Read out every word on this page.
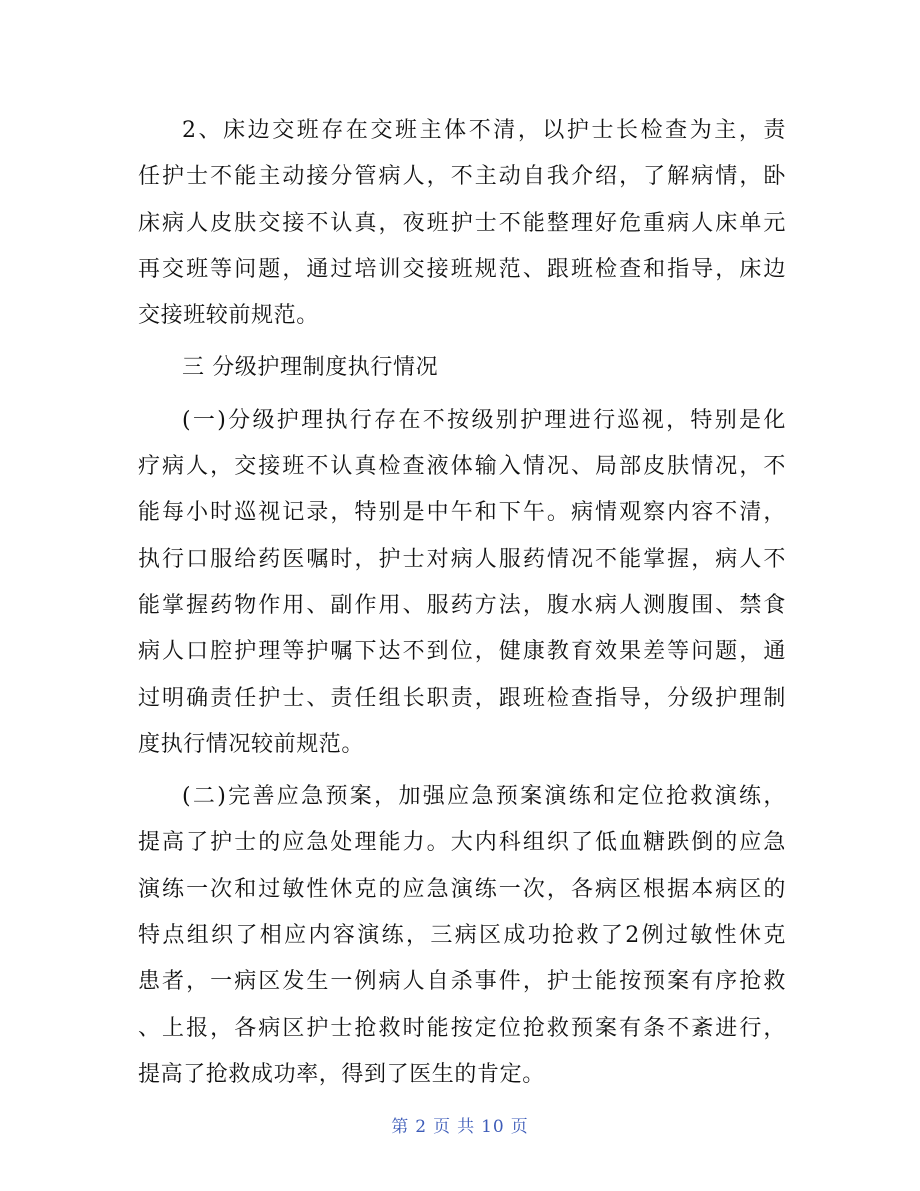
2、床边交班存在交班主体不清，以护士长检查为主，责
任护士不能主动接分管病人，不主动自我介绍，了解病情，卧
床病人皮肤交接不认真，夜班护士不能整理好危重病人床单元
再交班等问题，通过培训交接班规范、跟班检查和指导，床边
交接班较前规范。

三 分级护理制度执行情况

(一)分级护理执行存在不按级别护理进行巡视，特别是化
疗病人，交接班不认真检查液体输入情况、局部皮肤情况，不
能每小时巡视记录，特别是中午和下午。病情观察内容不清，
执行口服给药医嘱时，护士对病人服药情况不能掌握，病人不
能掌握药物作用、副作用、服药方法，腹水病人测腹围、禁食
病人口腔护理等护嘱下达不到位，健康教育效果差等问题，通
过明确责任护士、责任组长职责，跟班检查指导，分级护理制
度执行情况较前规范。

(二)完善应急预案，加强应急预案演练和定位抢救演练，
提高了护士的应急处理能力。大内科组织了低血糖跌倒的应急
演练一次和过敏性休克的应急演练一次，各病区根据本病区的
特点组织了相应内容演练，三病区成功抢救了2例过敏性休克
患者，一病区发生一例病人自杀事件，护士能按预案有序抢救
、上报，各病区护士抢救时能按定位抢救预案有条不紊进行，
提高了抢救成功率，得到了医生的肯定。

第 2 页 共 10 页
